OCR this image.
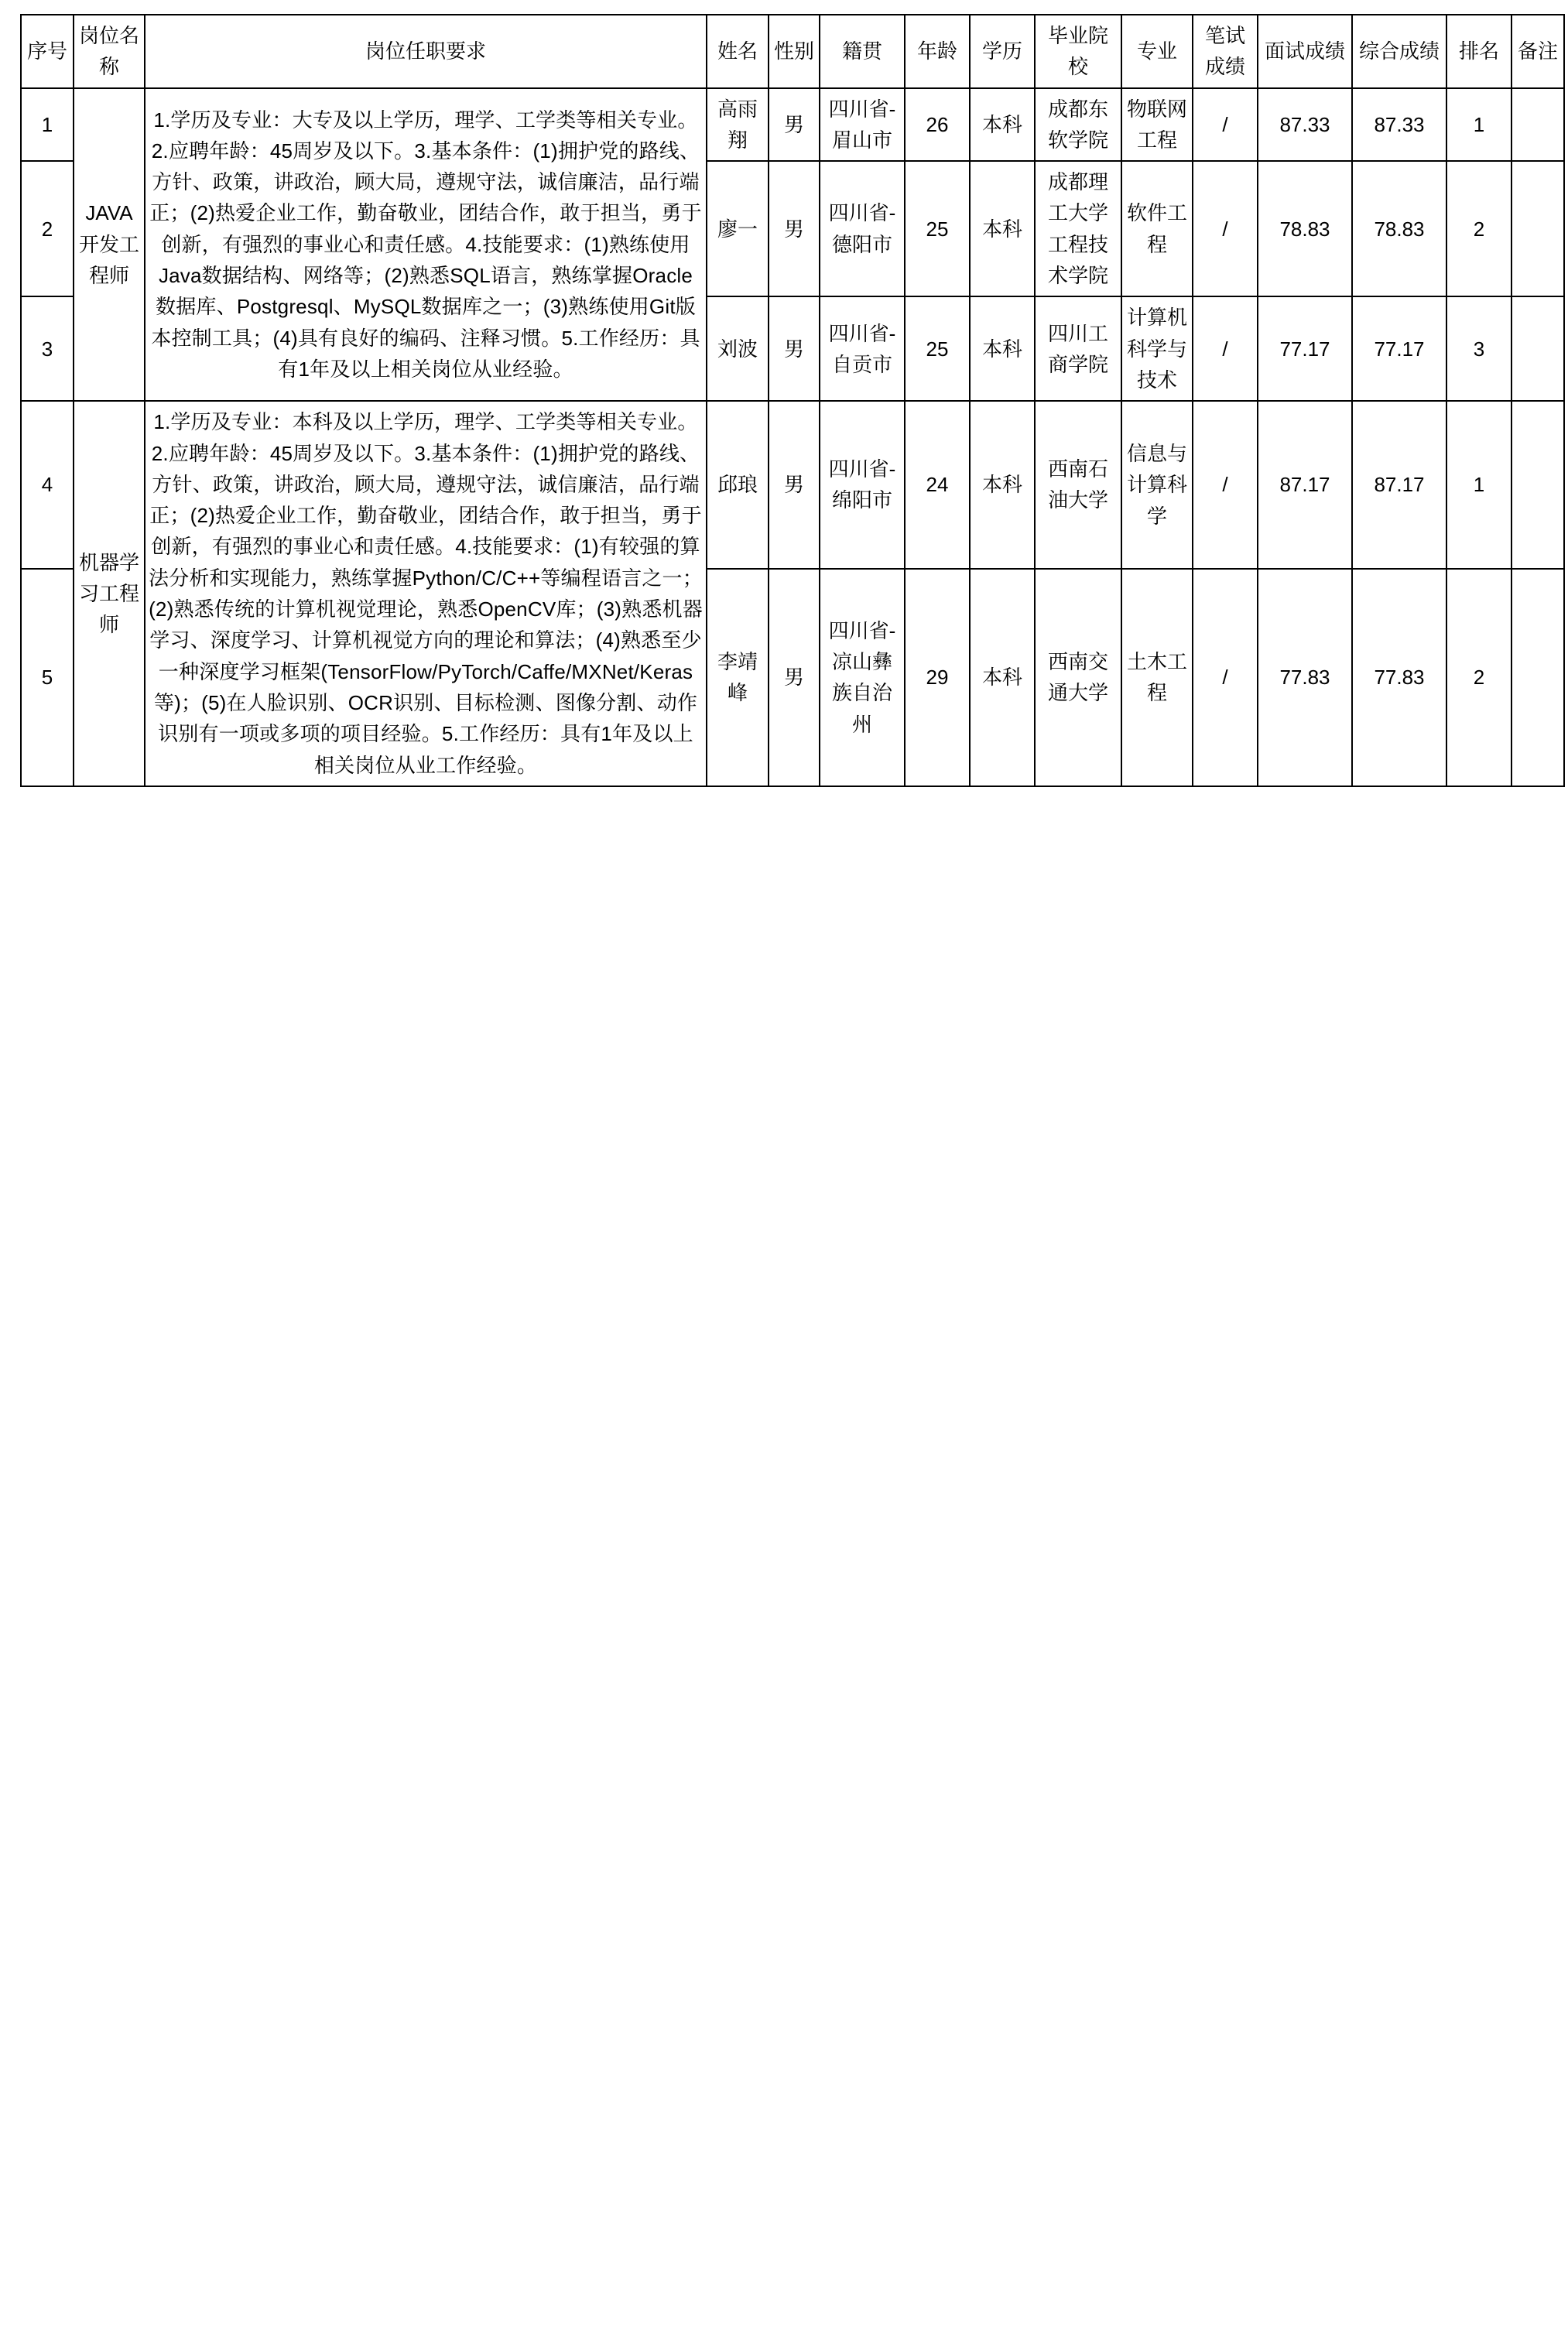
序号	岗位名称	岗位任职要求	姓名	性别	籍贯	年龄	学历	毕业院校	专业	笔试成绩	面试成绩	综合成绩	排名	备注
1	JAVA开发工程师	1.学历及专业：大专及以上学历，理学、工学类等相关专业。2.应聘年龄：45周岁及以下。3.基本条件：(1)拥护党的路线、方针、政策，讲政治，顾大局，遵规守法，诚信廉洁，品行端正；(2)热爱企业工作，勤奋敬业，团结合作，敢于担当，勇于创新，有强烈的事业心和责任感。4.技能要求：(1)熟练使用Java数据结构、网络等；(2)熟悉SQL语言，熟练掌握Oracle数据库、Postgresql、MySQL数据库之一；(3)熟练使用Git版本控制工具；(4)具有良好的编码、注释习惯。5.工作经历：具有1年及以上相关岗位从业经验。	高雨翔	男	四川省-眉山市	26	本科	成都东软学院	物联网工程	/	87.33	87.33	1	
2			廖一	男	四川省-德阳市	25	本科	成都理工大学工程技术学院	软件工程	/	78.83	78.83	2	
3			刘波	男	四川省-自贡市	25	本科	四川工商学院	计算机科学与技术	/	77.17	77.17	3	
4	机器学习工程师	1.学历及专业：本科及以上学历，理学、工学类等相关专业。2.应聘年龄：45周岁及以下。3.基本条件：(1)拥护党的路线、方针、政策，讲政治，顾大局，遵规守法，诚信廉洁，品行端正；(2)热爱企业工作，勤奋敬业，团结合作，敢于担当，勇于创新，有强烈的事业心和责任感。4.技能要求：(1)有较强的算法分析和实现能力，熟练掌握Python/C/C++等编程语言之一；(2)熟悉传统的计算机视觉理论，熟悉OpenCV库；(3)熟悉机器学习、深度学习、计算机视觉方向的理论和算法；(4)熟悉至少一种深度学习框架(TensorFlow/PyTorch/Caffe/MXNet/Keras等)；(5)在人脸识别、OCR识别、目标检测、图像分割、动作识别有一项或多项的项目经验。5.工作经历：具有1年及以上相关岗位从业工作经验。	邱琅	男	四川省-绵阳市	24	本科	西南石油大学	信息与计算科学	/	87.17	87.17	1	
5			李靖峰	男	四川省-凉山彝族自治州	29	本科	西南交通大学	土木工程	/	77.83	77.83	2	
